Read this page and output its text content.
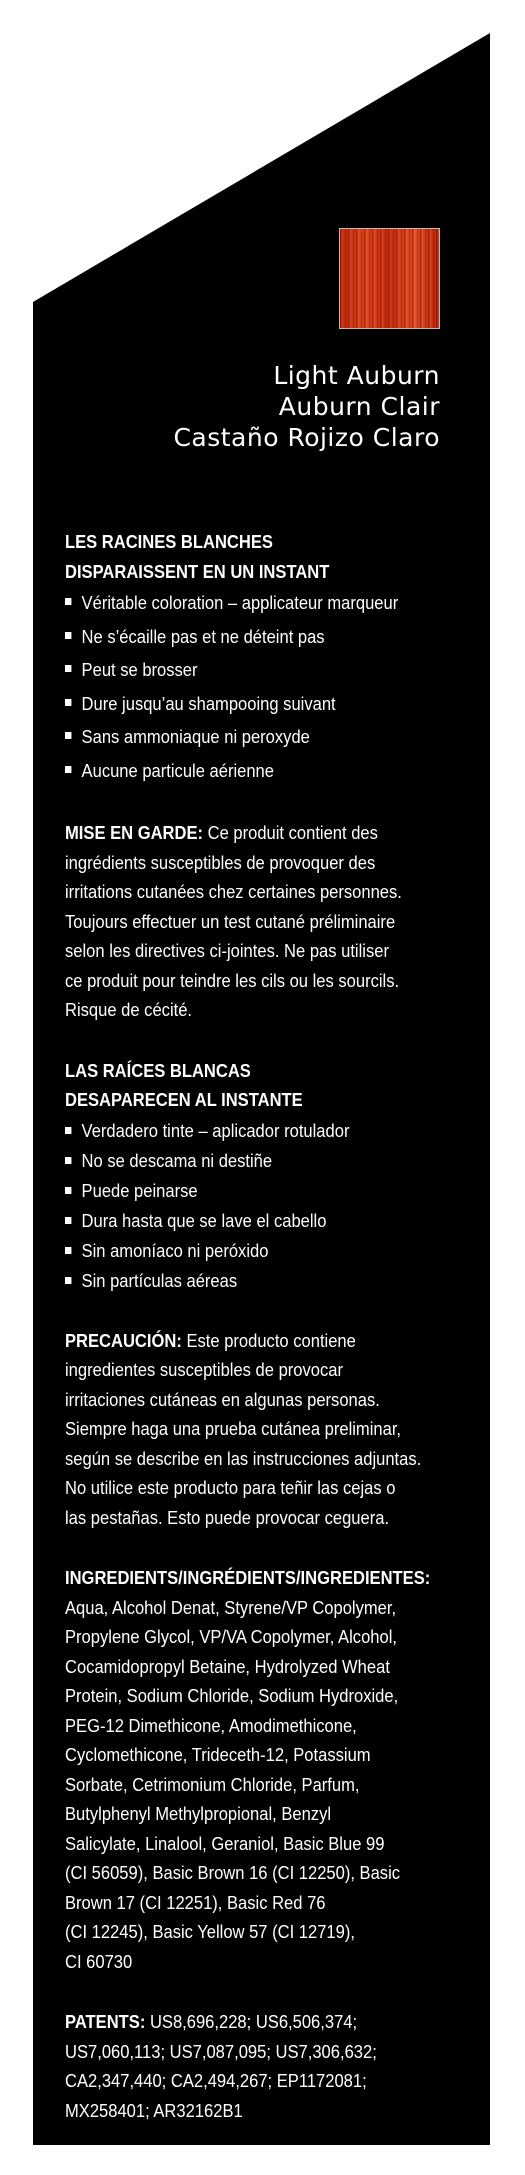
Light Auburn
Auburn Clair
Castaño Rojizo Claro
LES RACINES BLANCHES
DISPARAISSENT EN UN INSTANT
Véritable coloration – applicateur marqueur
Ne s’écaille pas et ne déteint pas
Peut se brosser
Dure jusqu’au shampooing suivant
Sans ammoniaque ni peroxyde
Aucune particule aérienne

MISE EN GARDE: Ce produit contient des
ingrédients susceptibles de provoquer des
irritations cutanées chez certaines personnes.
Toujours effectuer un test cutané préliminaire
selon les directives ci-jointes. Ne pas utiliser
ce produit pour teindre les cils ou les sourcils.
Risque de cécité.

LAS RAÍCES BLANCAS
DESAPARECEN AL INSTANTE
Verdadero tinte – aplicador rotulador
No se descama ni destiñe
Puede peinarse
Dura hasta que se lave el cabello
Sin amoníaco ni peróxido
Sin partículas aéreas

PRECAUCIÓN: Este producto contiene
ingredientes susceptibles de provocar
irritaciones cutáneas en algunas personas.
Siempre haga una prueba cutánea preliminar,
según se describe en las instrucciones adjuntas.
No utilice este producto para teñir las cejas o
las pestañas. Esto puede provocar ceguera.

INGREDIENTS/INGRÉDIENTS/INGREDIENTES:
Aqua, Alcohol Denat, Styrene/VP Copolymer,
Propylene Glycol, VP/VA Copolymer, Alcohol,
Cocamidopropyl Betaine, Hydrolyzed Wheat
Protein, Sodium Chloride, Sodium Hydroxide,
PEG-12 Dimethicone, Amodimethicone,
Cyclomethicone, Trideceth-12, Potassium
Sorbate, Cetrimonium Chloride, Parfum,
Butylphenyl Methylpropional, Benzyl
Salicylate, Linalool, Geraniol, Basic Blue 99
(CI 56059), Basic Brown 16 (CI 12250), Basic
Brown 17 (CI 12251), Basic Red 76
(CI 12245), Basic Yellow 57 (CI 12719),
CI 60730

PATENTS: US8,696,228; US6,506,374;
US7,060,113; US7,087,095; US7,306,632;
CA2,347,440; CA2,494,267; EP1172081;
MX258401; AR32162B1
